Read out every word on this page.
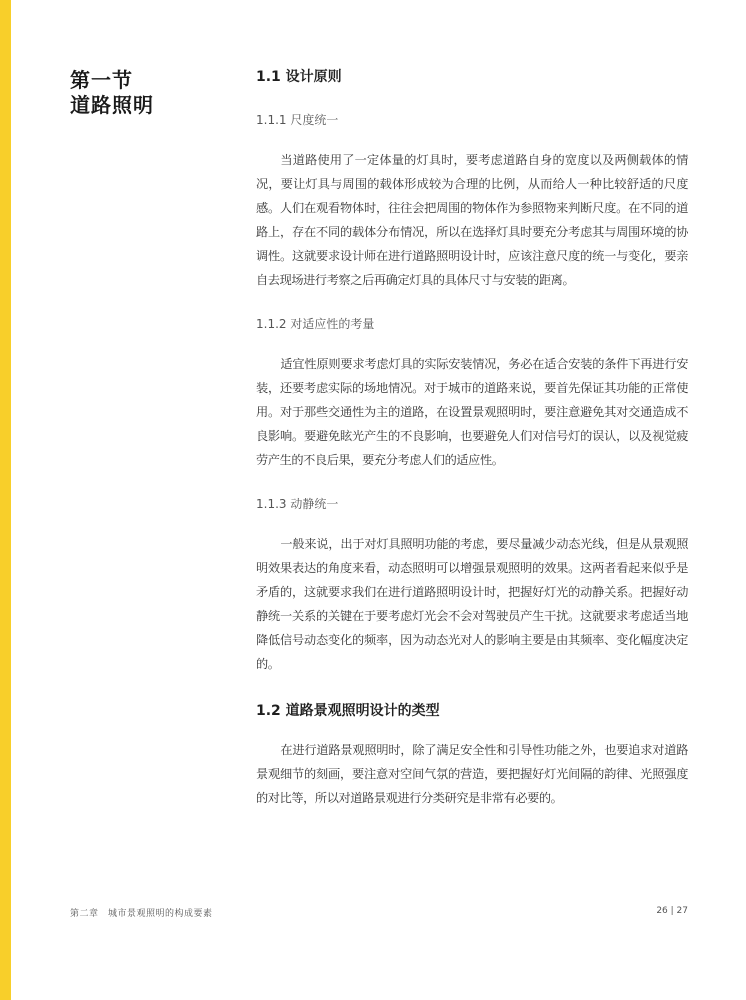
第一节
道路照明
1.1 设计原则
1.1.1 尺度统一

当道路使用了一定体量的灯具时，要考虑道路自身的宽度以及两侧载体的情况，要让灯具与周围的载体形成较为合理的比例，从而给人一种比较舒适的尺度感。人们在观看物体时，往往会把周围的物体作为参照物来判断尺度。在不同的道路上，存在不同的载体分布情况，所以在选择灯具时要充分考虑其与周围环境的协调性。这就要求设计师在进行道路照明设计时，应该注意尺度的统一与变化，要亲自去现场进行考察之后再确定灯具的具体尺寸与安装的距离。

1.1.2 对适应性的考量

适宜性原则要求考虑灯具的实际安装情况，务必在适合安装的条件下再进行安装，还要考虑实际的场地情况。对于城市的道路来说，要首先保证其功能的正常使用。对于那些交通性为主的道路，在设置景观照明时，要注意避免其对交通造成不良影响。要避免眩光产生的不良影响，也要避免人们对信号灯的误认，以及视觉疲劳产生的不良后果，要充分考虑人们的适应性。

1.1.3 动静统一

一般来说，出于对灯具照明功能的考虑，要尽量减少动态光线，但是从景观照明效果表达的角度来看，动态照明可以增强景观照明的效果。这两者看起来似乎是矛盾的，这就要求我们在进行道路照明设计时，把握好灯光的动静关系。把握好动静统一关系的关键在于要考虑灯光会不会对驾驶员产生干扰。这就要求考虑适当地降低信号动态变化的频率，因为动态光对人的影响主要是由其频率、变化幅度决定的。

1.2 道路景观照明设计的类型

在进行道路景观照明时，除了满足安全性和引导性功能之外，也要追求对道路景观细节的刻画，要注意对空间气氛的营造，要把握好灯光间隔的韵律、光照强度的对比等，所以对道路景观进行分类研究是非常有必要的。

第二章　城市景观照明的构成要素	26 | 27
